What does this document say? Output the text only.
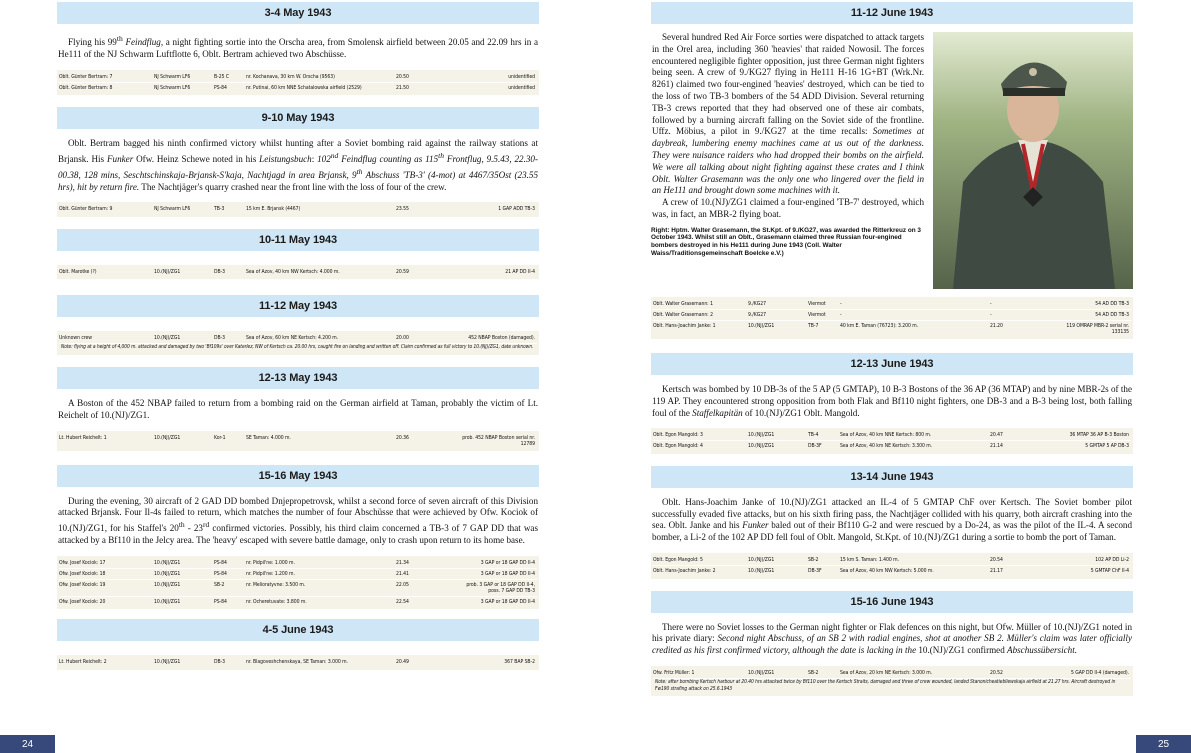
3-4 May 1943

Flying his 99th Feindflug, a night fighting sortie into the Orscha area, from Smolensk airfield between 20.05 and 22.09 hrs in a He111 of the NJ Schwarm Luftflotte 6, Oblt. Bertram achieved two Abschüsse.

Oblt. Günter Bertram: 7	NJ Schwarm LF6	B-25 C	nr. Kochanava, 30 km W. Orscha (9563)	20.50	unidentified
Oblt. Günter Bertram: 8	NJ Schwarm LF6	PS-84	nr. Putinai, 60 km NNE Schatalowska airfield (2529)	21.50	unidentified
9-10 May 1943

Oblt. Bertram bagged his ninth confirmed victory whilst hunting after a Soviet bombing raid against the railway stations at Brjansk. His Funker Ofw. Heinz Schewe noted in his Leistungsbuch: 102nd Feindflug counting as 115th Frontflug, 9.5.43, 22.30-00.38, 128 mins, Seschtschinskaja-Brjansk-S'kaja, Nachtjagd in area Brjansk, 9th Abschuss 'TB-3' (4-mot) at 4467/35Ost (23.55 hrs), hit by return fire. The Nachtjäger's quarry crashed near the front line with the loss of four of the crew.

Oblt. Günter Bertram: 9	NJ Schwarm LF6	TB-3	15 km E. Brjansk (4467)	23.55	1 GAP ADD TB-3
10-11 May 1943
Oblt. Marotke (?)	10.(NJ)/ZG1	DB-3	Sea of Azov, 40 km NW Kertsch: 4.000 m.	20.59	21 AP DD II-4
11-12 May 1943
Unknown crew	10.(NJ)/ZG1	DB-3	Sea of Azov, 60 km NE Kertsch: 4.200 m.	20.00	452 NBAP Boston (damaged).
Note: flying at a height of 4,000 m. attacked and damaged by two 'Bf109s' over Katerlez, NW of Kertsch ca. 20.00 hrs, caught fire on landing and written off. Claim confirmed as full victory to 10.(NJ)/ZG1, date unknown.
12-13 May 1943

A Boston of the 452 NBAP failed to return from a bombing raid on the German airfield at Taman, probably the victim of Lt. Reichelt of 10.(NJ)/ZG1.

Lt. Hubert Reichelt: 1	10.(NJ)/ZG1	Kor-1	SE Taman: 4.000 m.	20.36	prob. 452 NBAP Boston serial nr. 12789
15-16 May 1943

During the evening, 30 aircraft of 2 GAD DD bombed Dnjepropetrovsk, whilst a second force of seven aircraft of this Division attacked Brjansk. Four Il-4s failed to return, which matches the number of four Abschüsse that were achieved by Ofw. Kociok of 10.(NJ)/ZG1, for his Staffel's 20th - 23rd confirmed victories. Possibly, his third claim concerned a TB-3 of 7 GAP DD that was attacked by a Bf110 in the Jelcy area. The 'heavy' escaped with severe battle damage, only to crash upon return to its home base.

Ofw. Josef Kociok: 17	10.(NJ)/ZG1	PS-84	nr. Pidpil'ne: 1.000 m.	21.34	3 GAP or 18 GAP DD II-4
Ofw. Josef Kociok: 18	10.(NJ)/ZG1	PS-84	nr. Pidpil'ne: 1.200 m.	21.41	3 GAP or 18 GAP DD II-4
Ofw. Josef Kociok: 19	10.(NJ)/ZG1	SB-2	nr. Melioratyvne: 3.500 m.	22.05	prob. 3 GAP or 18 GAP DD II-4, poss. 7 GAP DD TB-3
Ofw. Josef Kociok: 20	10.(NJ)/ZG1	PS-84	nr. Ocheretuvate: 3.800 m.	22.54	3 GAP or 18 GAP DD II-4
4-5 June 1943
Lt. Hubert Reichelt: 2	10.(NJ)/ZG1	DB-3	nr. Blagoveshchenskaya, SE Taman: 3.000 m.	20.49	367 BAP SB-2
24
11-12 June 1943

Several hundred Red Air Force sorties were dispatched to attack targets in the Orel area, including 360 'heavies' that raided Nowosil. The forces encountered negligible fighter opposition, just three German night fighters being seen. A crew of 9./KG27 flying in He111 H-16 1G+BT (Wrk.Nr. 8261) claimed two four-engined 'heavies' destroyed, which can be tied to the loss of two TB-3 bombers of the 54 ADD Division. Several returning TB-3 crews reported that they had observed one of these air combats, followed by a burning aircraft falling on the Soviet side of the frontline. Uffz. Möbius, a pilot in 9./KG27 at the time recalls: Sometimes at daybreak, lumbering enemy machines came at us out of the darkness. They were nuisance raiders who had dropped their bombs on the airfield. We were all talking about night fighting against these crates and I think Oblt. Walter Grasemann was the only one who lingered over the field in an He111 and brought down some machines with it.

A crew of 10.(NJ)/ZG1 claimed a four-engined 'TB-7' destroyed, which was, in fact, an MBR-2 flying boat.

Right: Hptm. Walter Grasemann, the St.Kpt. of 9./KG27, was awarded the Ritterkreuz on 3 October 1943. Whilst still an Oblt., Grasemann claimed three Russian four-engined bombers destroyed in his He111 during June 1943 (Coll. Walter Waiss/Traditionsgemeinschaft Boelcke e.V.)
Oblt. Walter Grasemann: 1	9./KG27	Viermot	-	-	54 AD DD TB-3
Oblt. Walter Grasemann: 2	9./KG27	Viermot	-	-	54 AD DD TB-3
Oblt. Hans-Joachim Janke: 1	10.(NJ)/ZG1	TB-7	40 km E. Taman (76723): 3.200 m.	21.20	119 OMRAP MBR-2 serial nr. 133135
12-13 June 1943

Kertsch was bombed by 10 DB-3s of the 5 AP (5 GMTAP), 10 B-3 Bostons of the 36 AP (36 MTAP) and by nine MBR-2s of the 119 AP. They encountered strong opposition from both Flak and Bf110 night fighters, one DB-3 and a B-3 being lost, both falling foul of the Staffelkapitän of 10.(NJ)/ZG1 Oblt. Mangold.

Oblt. Egon Mangold: 3	10.(NJ)/ZG1	TB-4	Sea of Azov, 40 km NNE Kertsch: 800 m.	20.47	36 MTAP 36 AP B-3 Boston
Oblt. Egon Mangold: 4	10.(NJ)/ZG1	DB-3F	Sea of Azov, 40 km NE Kertsch: 3.300 m.	21.14	5 GMTAP 5 AP DB-3
13-14 June 1943

Oblt. Hans-Joachim Janke of 10.(NJ)/ZG1 attacked an IL-4 of 5 GMTAP ChF over Kertsch. The Soviet bomber pilot successfully evaded five attacks, but on his sixth firing pass, the Nachtjäger collided with his quarry, both aircraft crashing into the sea. Oblt. Janke and his Funker baled out of their Bf110 G-2 and were rescued by a Do-24, as was the pilot of the IL-4. A second bomber, a Li-2 of the 102 AP DD fell foul of Oblt. Mangold, St.Kpt. of 10.(NJ)/ZG1 during a sortie to bomb the port of Taman.

Oblt. Egon Mangold: 5	10.(NJ)/ZG1	SB-2	15 km S. Taman: 1.400 m.	20.54	102 AP DD Li-2
Oblt. Hans-Joachim Janke: 2	10.(NJ)/ZG1	DB-3F	Sea of Azov, 40 km NW Kertsch: 5.000 m.	21.17	5 GMTAP ChF II-4
15-16 June 1943

There were no Soviet losses to the German night fighter or Flak defences on this night, but Ofw. Müller of 10.(NJ)/ZG1 noted in his private diary: Second night Abschuss, of an SB 2 with radial engines, shot at another SB 2. Müller's claim was later officially credited as his first confirmed victory, although the date is lacking in the 10.(NJ)/ZG1 confirmed Abschussübersicht.

Ofw. Fritz Müller: 1	10.(NJ)/ZG1	SB-2	Sea of Azov, 20 km NE Kertsch: 3.000 m.	20.52	5 GAP DD II-4 (damaged).
Note: after bombing Kertsch harbour at 20.40 hrs attacked twice by Bf110 over the Kertsch Straits, damaged and three of crew wounded, landed Stanonicheatiebliewskaja airfield at 21.27 hrs. Aircraft destroyed in Fw190 strafing attack on 25.6.1943
25
